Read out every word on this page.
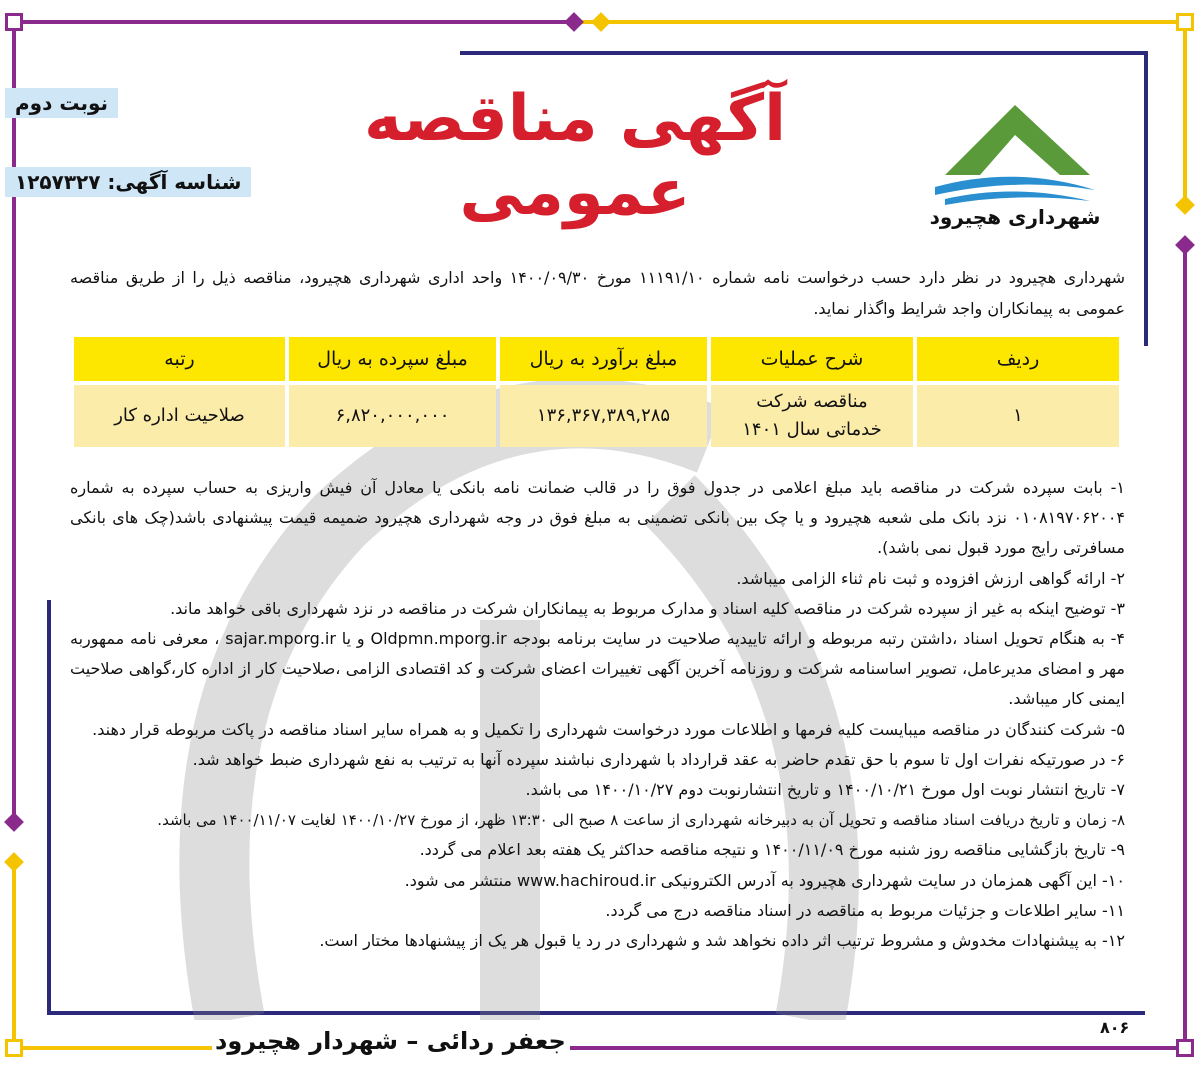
آگهی مناقصه عمومی
نوبت دوم
شناسه آگهی: ۱۲۵۷۳۲۷
شهرداری هچیرود
شهرداری هچیرود در نظر دارد حسب درخواست نامه شماره ۱۱۱۹۱/۱۰ مورخ ۱۴۰۰/۰۹/۳۰ واحد اداری شهرداری هچیرود، مناقصه ذیل را از طریق مناقصه عمومی به پیمانکاران واجد شرایط واگذار نماید.
ردیف	شرح عملیات	مبلغ برآورد به ریال	مبلغ سپرده به ریال	رتبه
۱	مناقصه شرکت خدماتی سال ۱۴۰۱	۱۳۶,۳۶۷,۳۸۹,۲۸۵	۶,۸۲۰,۰۰۰,۰۰۰	صلاحیت اداره کار

۱- بابت سپرده شرکت در مناقصه باید مبلغ اعلامی در جدول فوق را در قالب ضمانت نامه بانکی یا معادل آن فیش واریزی به حساب سپرده به شماره ۰۱۰۸۱۹۷۰۶۲۰۰۴ نزد بانک ملی شعبه هچیرود و یا چک بین بانکی تضمینی به مبلغ فوق در وجه شهرداری هچیرود ضمیمه قیمت پیشنهادی باشد(چک های بانکی مسافرتی رایج مورد قبول نمی باشد).

۲- ارائه گواهی ارزش افزوده و ثبت نام ثناء الزامی میباشد.

۳- توضیح اینکه به غیر از سپرده شرکت در مناقصه کلیه اسناد و مدارک مربوط به پیمانکاران شرکت در مناقصه در نزد شهرداری باقی خواهد ماند.

۴- به هنگام تحویل اسناد ،داشتن رتبه مربوطه و ارائه تاییدیه صلاحیت در سایت برنامه بودجه Oldpmn.mporg.ir و یا sajar.mporg.ir ، معرفی نامه ممهوربه مهر و امضای مدیرعامل، تصویر اساسنامه شرکت و روزنامه آخرین آگهی تغییرات اعضای شرکت و کد اقتصادی الزامی ،صلاحیت کار از اداره کار،گواهی صلاحیت ایمنی کار میباشد.

۵- شرکت کنندگان در مناقصه میبایست کلیه فرمها و اطلاعات مورد درخواست شهرداری را تکمیل و به همراه سایر اسناد مناقصه در پاکت مربوطه قرار دهند.

۶- در صورتیکه نفرات اول تا سوم با حق تقدم حاضر به عقد قرارداد با شهرداری نباشند سپرده آنها به ترتیب به نفع شهرداری ضبط خواهد شد.

۷- تاریخ انتشار نوبت اول مورخ ۱۴۰۰/۱۰/۲۱ و تاریخ انتشارنوبت دوم ۱۴۰۰/۱۰/۲۷ می باشد.

۸- زمان و تاریخ دریافت اسناد مناقصه و تحویل آن به دبیرخانه شهرداری از ساعت ۸ صبح الی ۱۳:۳۰ ظهر، از مورخ ۱۴۰۰/۱۰/۲۷ لغایت ۱۴۰۰/۱۱/۰۷ می باشد.

۹- تاریخ بازگشایی مناقصه روز شنبه مورخ ۱۴۰۰/۱۱/۰۹ و نتیجه مناقصه حداکثر یک هفته بعد اعلام می گردد.

۱۰- این آگهی همزمان در سایت شهرداری هچیرود به آدرس الکترونیکی www.hachiroud.ir منتشر می شود.

۱۱- سایر اطلاعات و جزئیات مربوط به مناقصه در اسناد مناقصه درج می گردد.

۱۲- به پیشنهادات مخدوش و مشروط ترتیب اثر داده نخواهد شد و شهرداری در رد یا قبول هر یک از پیشنهادها مختار است.

جعفر ردائی – شهردار هچیرود	۸۰۶
